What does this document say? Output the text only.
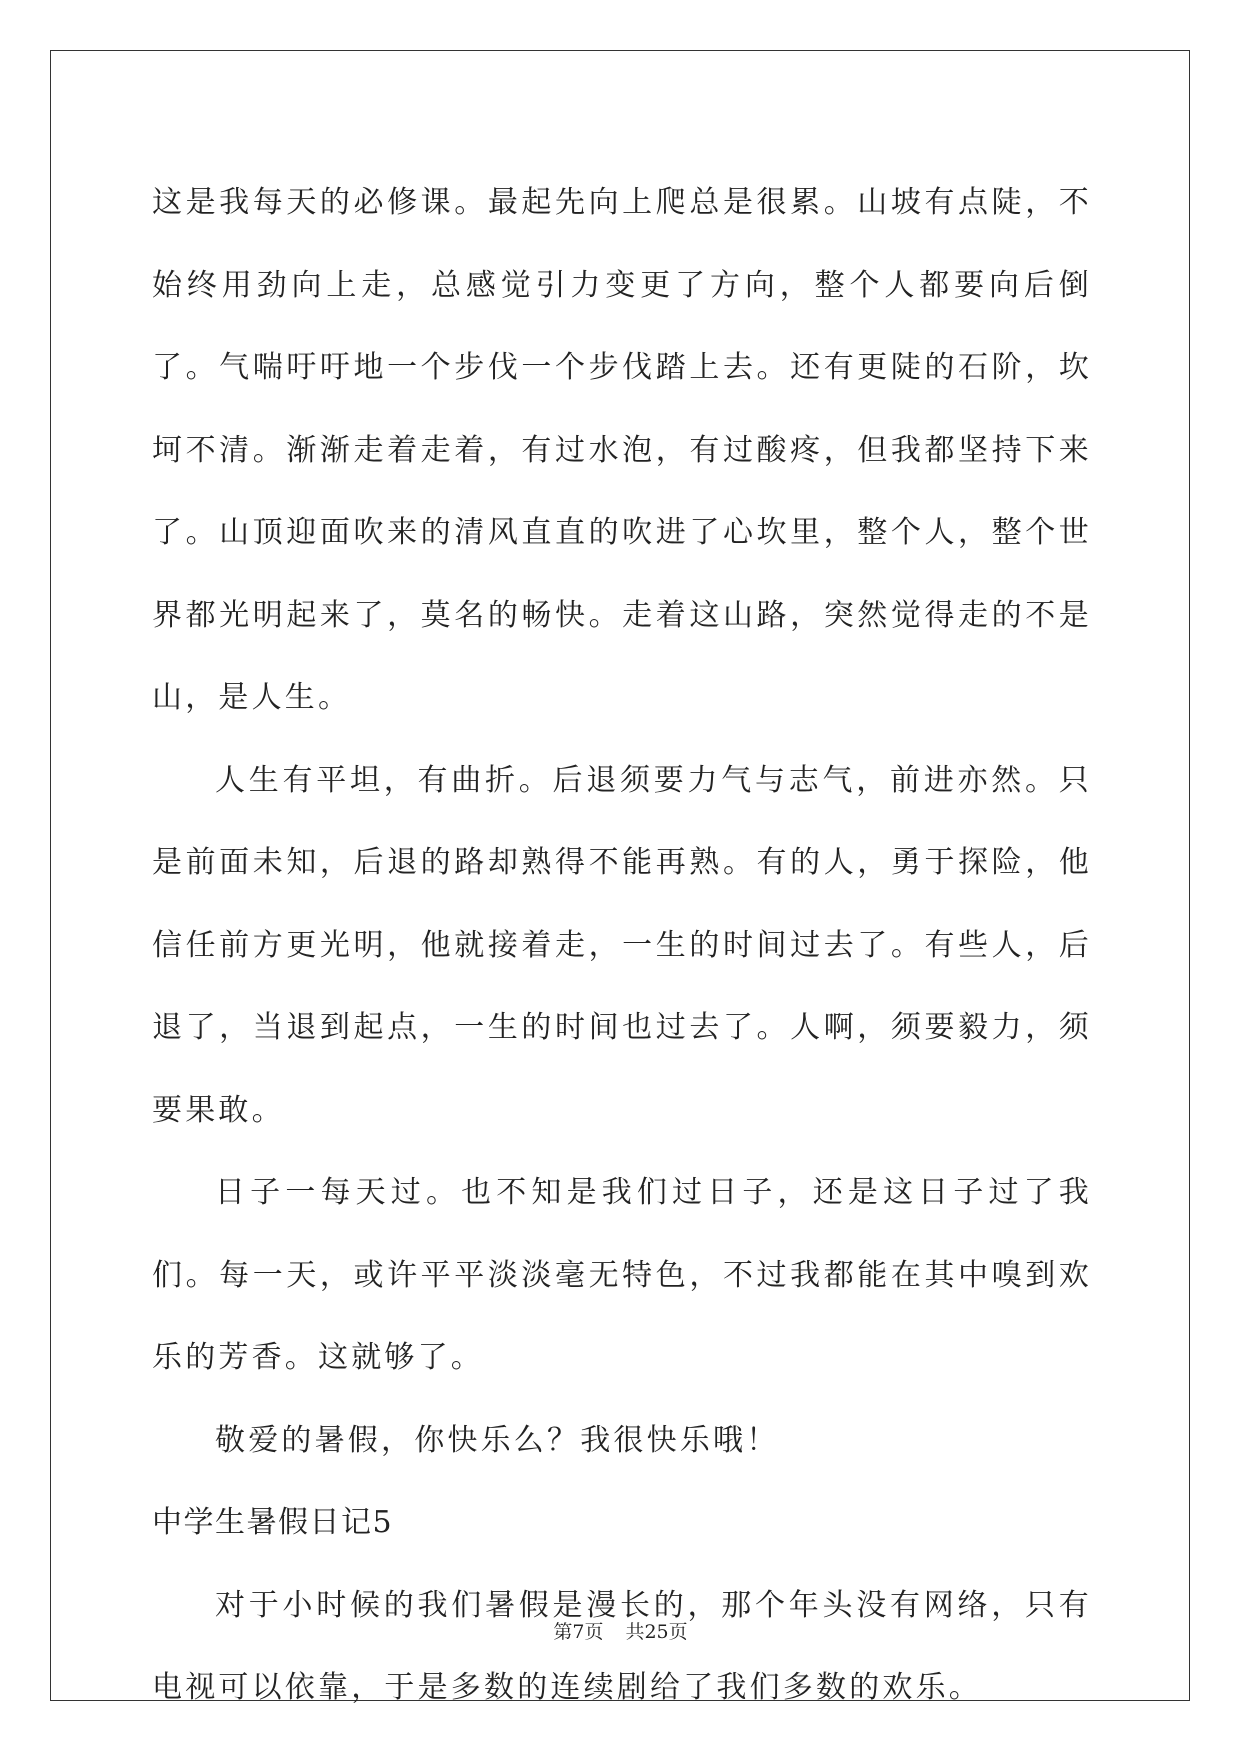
这是我每天的必修课。最起先向上爬总是很累。山坡有点陡，不始终用劲向上走，总感觉引力变更了方向，整个人都要向后倒了。气喘吁吁地一个步伐一个步伐踏上去。还有更陡的石阶，坎坷不清。渐渐走着走着，有过水泡，有过酸疼，但我都坚持下来了。山顶迎面吹来的清风直直的吹进了心坎里，整个人，整个世界都光明起来了，莫名的畅快。走着这山路，突然觉得走的不是山，是人生。

人生有平坦，有曲折。后退须要力气与志气，前进亦然。只是前面未知，后退的路却熟得不能再熟。有的人，勇于探险，他信任前方更光明，他就接着走，一生的时间过去了。有些人，后退了，当退到起点，一生的时间也过去了。人啊，须要毅力，须要果敢。

日子一每天过。也不知是我们过日子，还是这日子过了我们。每一天，或许平平淡淡毫无特色，不过我都能在其中嗅到欢乐的芳香。这就够了。

敬爱的暑假，你快乐么？我很快乐哦！

中学生暑假日记5

对于小时候的我们暑假是漫长的，那个年头没有网络，只有电视可以依靠，于是多数的连续剧给了我们多数的欢乐。

第7页 共25页
